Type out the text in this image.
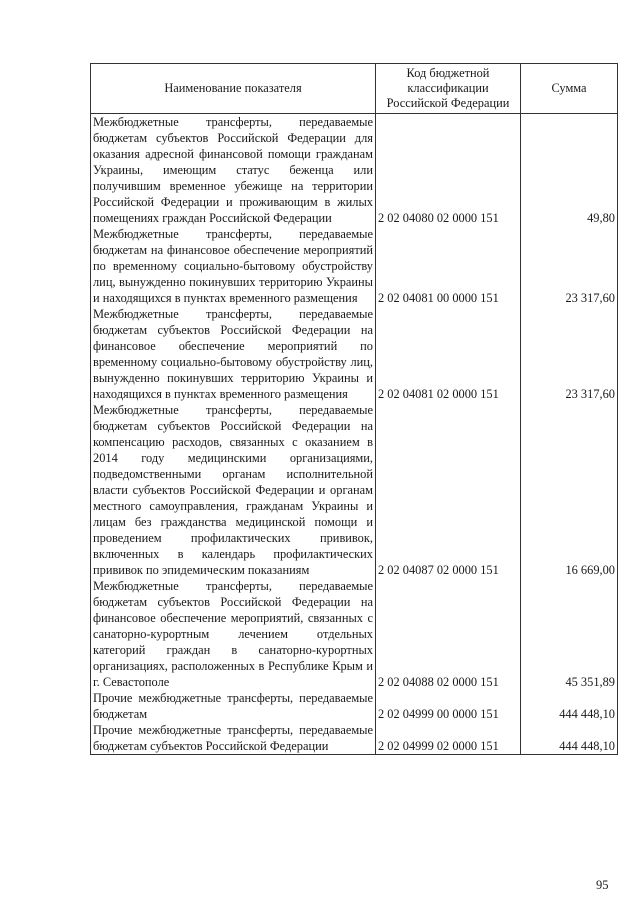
Наименование показателя	Код бюджетной классификации Российской Федерации	Сумма
Межбюджетные трансферты, передаваемые бюджетам субъектов Российской Федерации для оказания адресной финансовой помощи гражданам Украины, имеющим статус беженца или получившим временное убежище на территории Российской Федерации и проживающим в жилых помещениях граждан Российской Федерации	2 02 04080 02 0000 151	49,80
Межбюджетные трансферты, передаваемые бюджетам на финансовое обеспечение мероприятий по временному социально-бытовому обустройству лиц, вынужденно покинувших территорию Украины и находящихся в пунктах временного размещения	2 02 04081 00 0000 151	23 317,60
Межбюджетные трансферты, передаваемые бюджетам субъектов Российской Федерации на финансовое обеспечение мероприятий по временному социально-бытовому обустройству лиц, вынужденно покинувших территорию Украины и находящихся в пунктах временного размещения	2 02 04081 02 0000 151	23 317,60
Межбюджетные трансферты, передаваемые бюджетам субъектов Российской Федерации на компенсацию расходов, связанных с оказанием в 2014 году медицинскими организациями, подведомственными органам исполнительной власти субъектов Российской Федерации и органам местного самоуправления, гражданам Украины и лицам без гражданства медицинской помощи и проведением профилактических прививок, включенных в календарь профилактических прививок по эпидемическим показаниям	2 02 04087 02 0000 151	16 669,00
Межбюджетные трансферты, передаваемые бюджетам субъектов Российской Федерации на финансовое обеспечение мероприятий, связанных с санаторно-курортным лечением отдельных категорий граждан в санаторно-курортных организациях, расположенных в Республике Крым и г. Севастополе	2 02 04088 02 0000 151	45 351,89
Прочие межбюджетные трансферты, передаваемые бюджетам	2 02 04999 00 0000 151	444 448,10
Прочие межбюджетные трансферты, передаваемые бюджетам субъектов Российской Федерации	2 02 04999 02 0000 151	444 448,10
95
